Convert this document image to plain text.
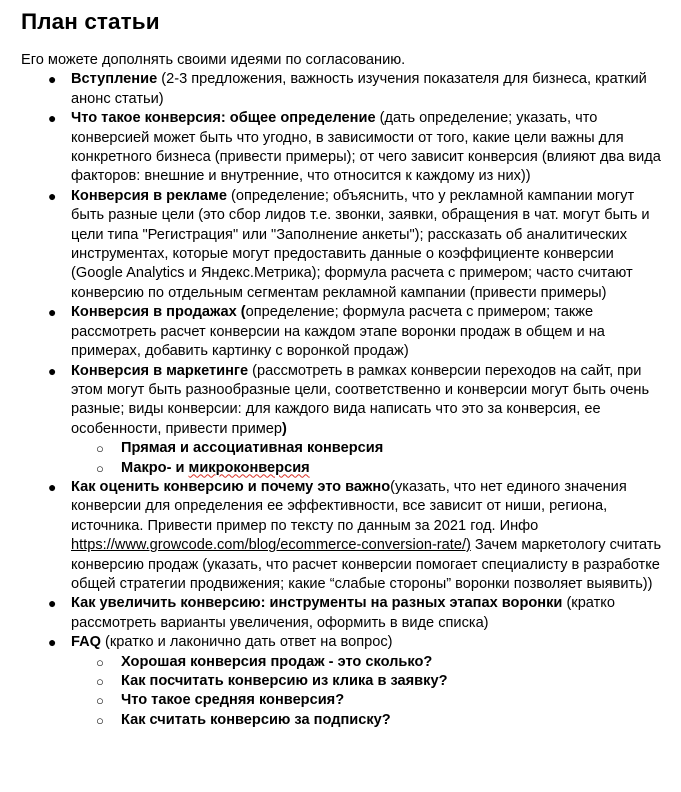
План статьи

Его можете дополнять своими идеями по согласованию.

● Вступление (2-3 предложения, важность изучения показателя для бизнеса, краткий анонс статьи)
● Что такое конверсия: общее определение (дать определение; указать, что конверсией может быть что угодно, в зависимости от того, какие цели важны для конкретного бизнеса (привести примеры); от чего зависит конверсия (влияют два вида факторов: внешние и внутренние, что относится к каждому из них))
● Конверсия в рекламе (определение; объяснить, что у рекламной кампании могут быть разные цели (это сбор лидов т.е. звонки, заявки, обращения в чат. могут быть и цели типа "Регистрация" или "Заполнение анкеты"); рассказать об аналитических инструментах, которые могут предоставить данные о коэффициенте конверсии (Google Analytics и Яндекс.Метрика); формула расчета с примером; часто считают конверсию по отдельным сегментам рекламной кампании (привести примеры)
● Конверсия в продажах (определение; формула расчета с примером; также рассмотреть расчет конверсии на каждом этапе воронки продаж в общем и на примерах, добавить картинку с воронкой продаж)
● Конверсия в маркетинге (рассмотреть в рамках конверсии переходов на сайт, при этом могут быть разнообразные цели, соответственно и конверсии могут быть очень разные; виды конверсии: для каждого вида написать что это за конверсия, ее особенности, привести пример)
○ Прямая и ассоциативная конверсия
○ Макро- и микроконверсия
● Как оценить конверсию и почему это важно(указать, что нет единого значения конверсии для определения ее эффективности, все зависит от ниши, региона, источника. Привести пример по тексту по данным за 2021 год. Инфо https://www.growcode.com/blog/ecommerce-conversion-rate/) Зачем маркетологу считать конверсию продаж (указать, что расчет конверсии помогает специалисту в разработке общей стратегии продвижения; какие “слабые стороны” воронки позволяет выявить))
● Как увеличить конверсию: инструменты на разных этапах воронки (кратко рассмотреть варианты увеличения, оформить в виде списка)
● FAQ (кратко и лаконично дать ответ на вопрос)
○ Хорошая конверсия продаж - это сколько?
○ Как посчитать конверсию из клика в заявку?
○ Что такое средняя конверсия?
○ Как считать конверсию за подписку?
